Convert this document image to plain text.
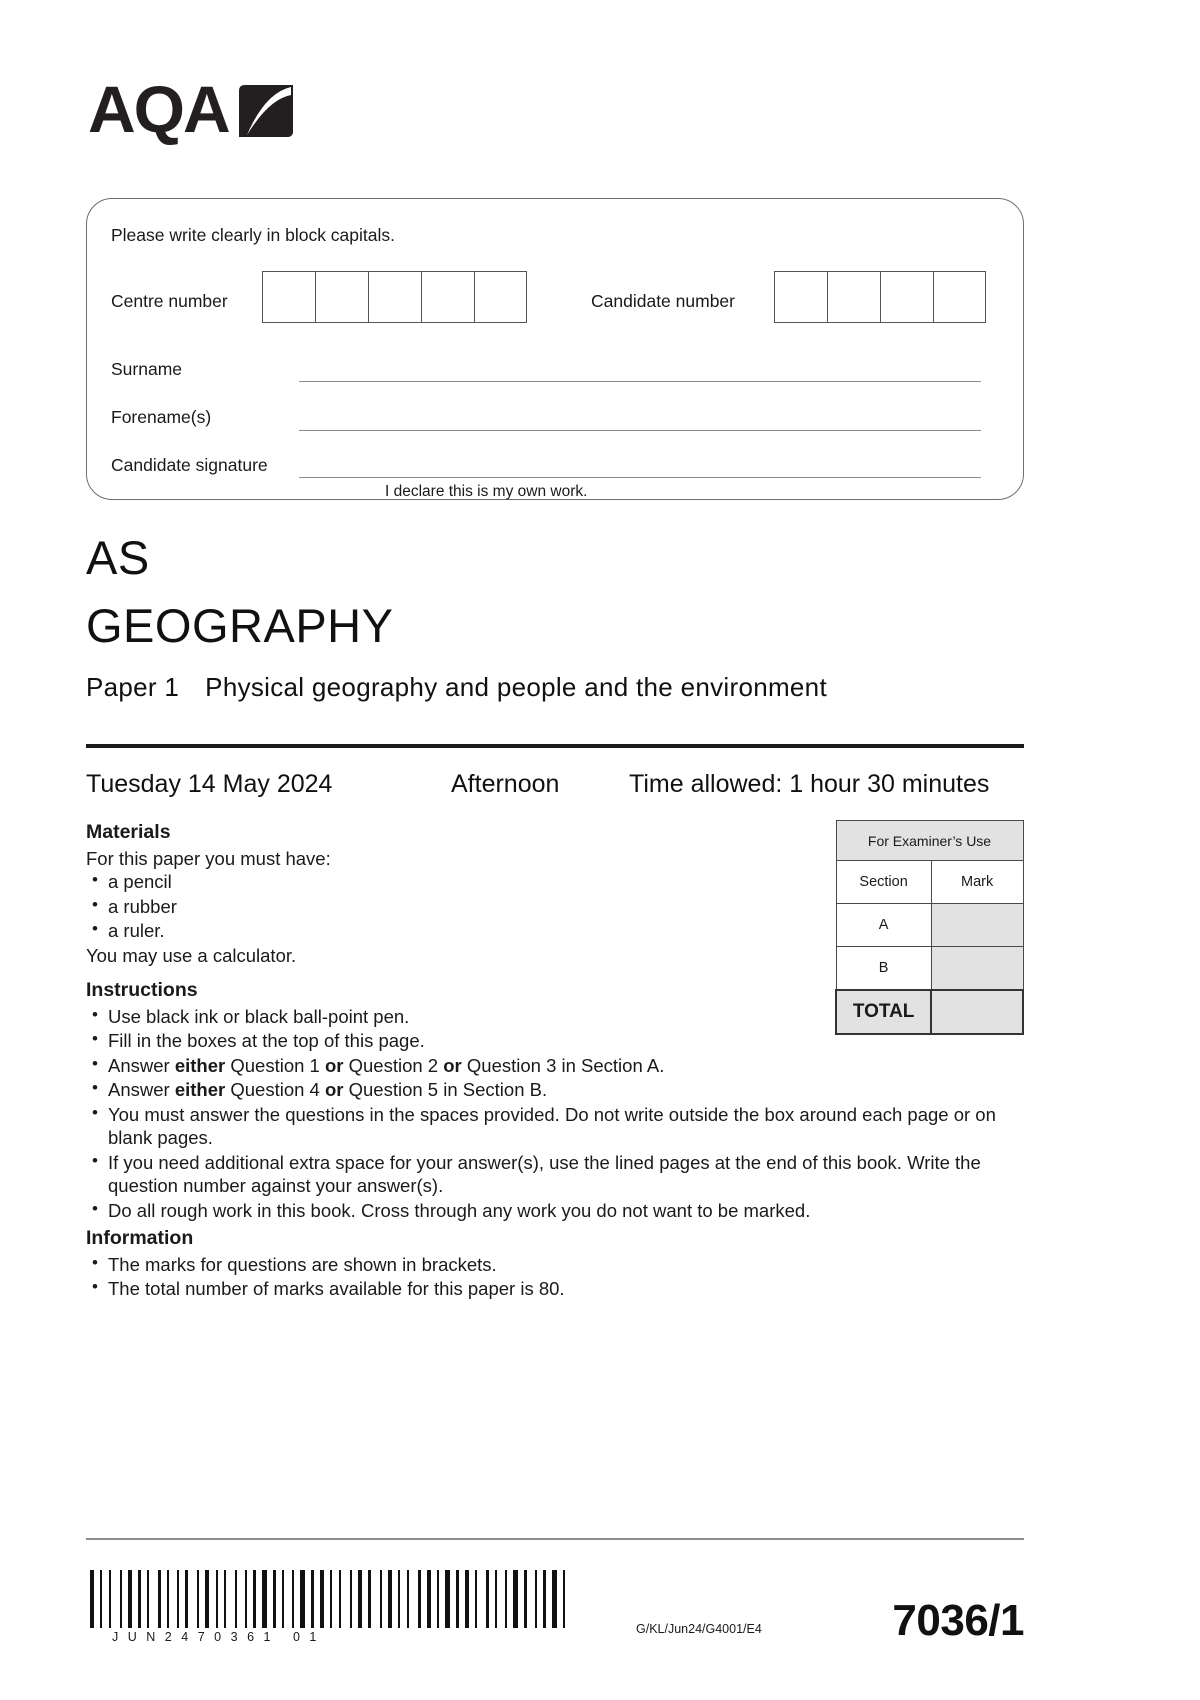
AQA
Please write clearly in block capitals.
Centre number	Candidate number
Surname
Forename(s)
Candidate signature
I declare this is my own work.
AS
GEOGRAPHY
Paper 1 Physical geography and people and the environment
Tuesday 14 May 2024	Afternoon	Time allowed: 1 hour 30 minutes
Materials

For this paper you must have:

• a pencil
• a rubber
• a ruler.

You may use a calculator.

For Examiner’s Use	
Section	Mark
A	
B	
TOTAL	
Instructions
• Use black ink or black ball-point pen.
• Fill in the boxes at the top of this page.
• Answer either Question 1 or Question 2 or Question 3 in Section A.
• Answer either Question 4 or Question 5 in Section B.
• You must answer the questions in the spaces provided. Do not write outside the box around each page or on blank pages.
• If you need additional extra space for your answer(s), use the lined pages at the end of this book. Write the question number against your answer(s).
• Do all rough work in this book. Cross through any work you do not want to be marked.
Information
• The marks for questions are shown in brackets.
• The total number of marks available for this paper is 80.
JUN2470361 01
G/KL/Jun24/G4001/E4	7036/1
